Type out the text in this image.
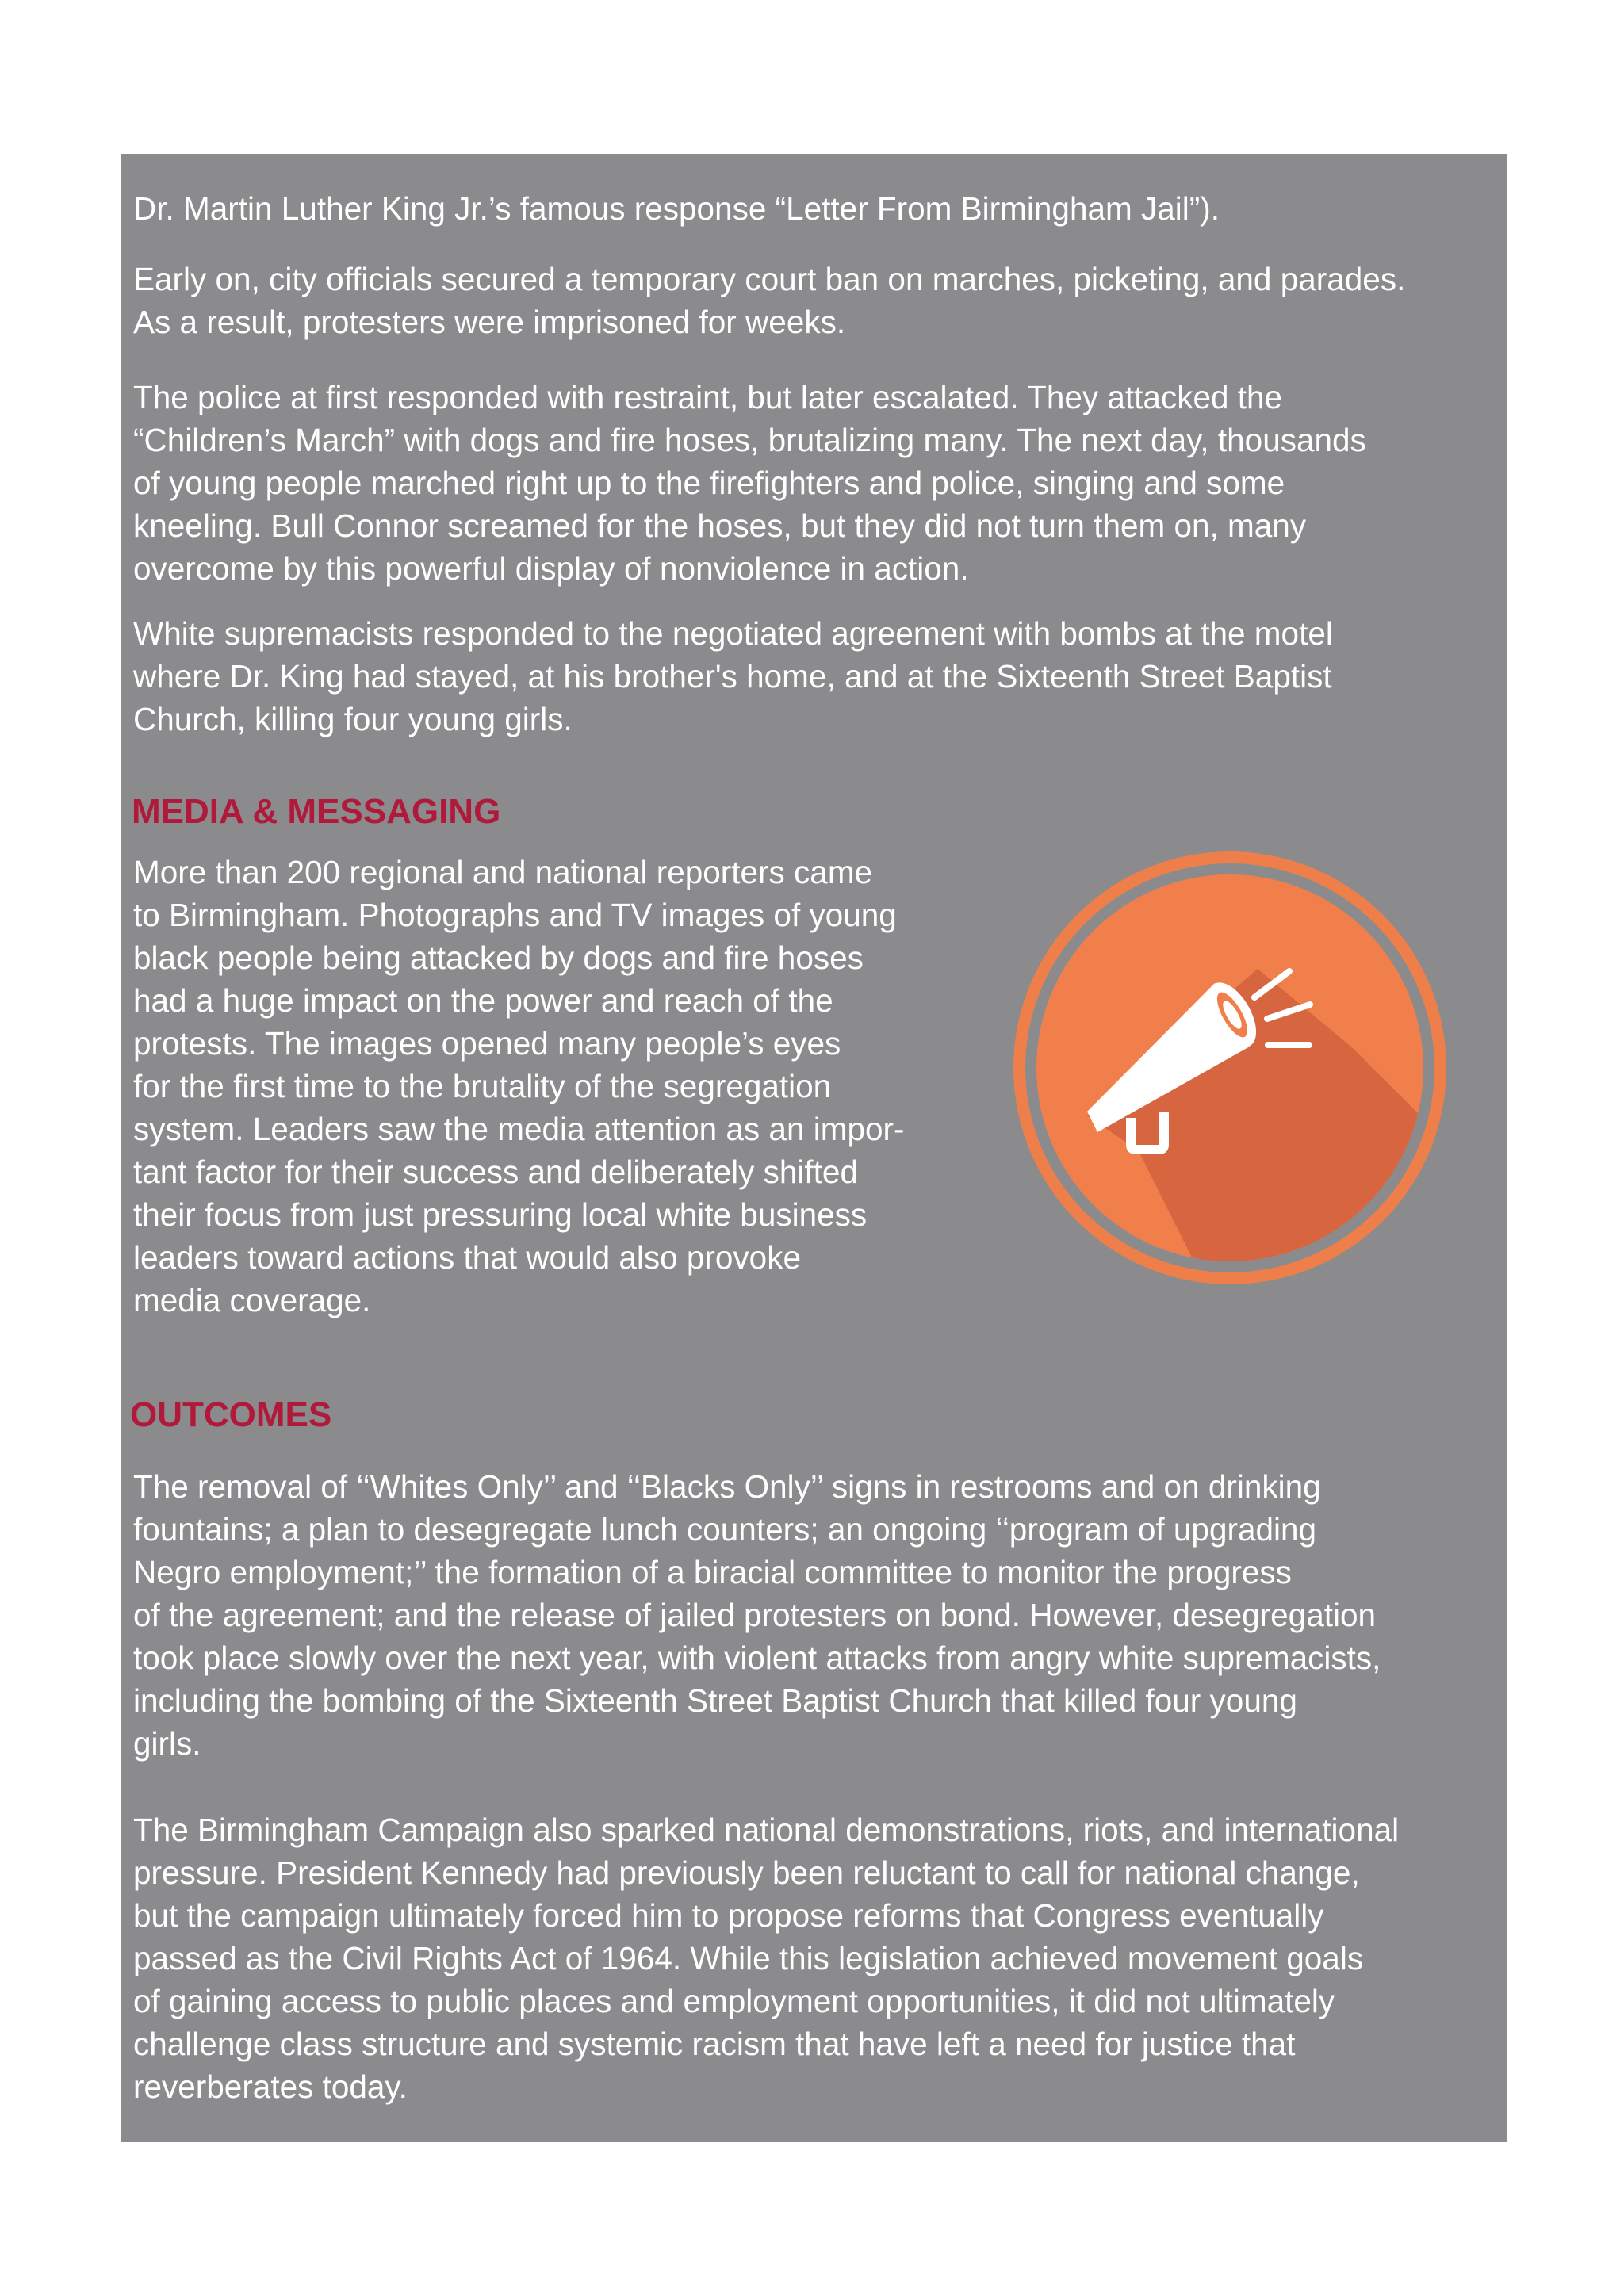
Dr. Martin Luther King Jr.’s famous response “Letter From Birmingham Jail”).

Early on, city officials secured a temporary court ban on marches, picketing, and parades.
As a result, protesters were imprisoned for weeks.

The police at first responded with restraint, but later escalated. They attacked the
“Children’s March” with dogs and fire hoses, brutalizing many. The next day, thousands
of young people marched right up to the firefighters and police, singing and some
kneeling. Bull Connor screamed for the hoses, but they did not turn them on, many
overcome by this powerful display of nonviolence in action.

White supremacists responded to the negotiated agreement with bombs at the motel
where Dr. King had stayed, at his brother's home, and at the Sixteenth Street Baptist
Church, killing four young girls.

MEDIA & MESSAGING

More than 200 regional and national reporters came
to Birmingham. Photographs and TV images of young
black people being attacked by dogs and fire hoses
had a huge impact on the power and reach of the
protests. The images opened many people’s eyes
for the first time to the brutality of the segregation
system. Leaders saw the media attention as an impor-
tant factor for their success and deliberately shifted
their focus from just pressuring local white business
leaders toward actions that would also provoke
media coverage.

OUTCOMES

The removal of ‘‘Whites Only’’ and ‘‘Blacks Only’’ signs in restrooms and on drinking
fountains; a plan to desegregate lunch counters; an ongoing ‘‘program of upgrading
Negro employment;’’ the formation of a biracial committee to monitor the progress
of the agreement; and the release of jailed protesters on bond. However, desegregation
took place slowly over the next year, with violent attacks from angry white supremacists,
including the bombing of the Sixteenth Street Baptist Church that killed four young
girls.

The Birmingham Campaign also sparked national demonstrations, riots, and international
pressure. President Kennedy had previously been reluctant to call for national change,
but the campaign ultimately forced him to propose reforms that Congress eventually
passed as the Civil Rights Act of 1964. While this legislation achieved movement goals
of gaining access to public places and employment opportunities, it did not ultimately
challenge class structure and systemic racism that have left a need for justice that
reverberates today.
